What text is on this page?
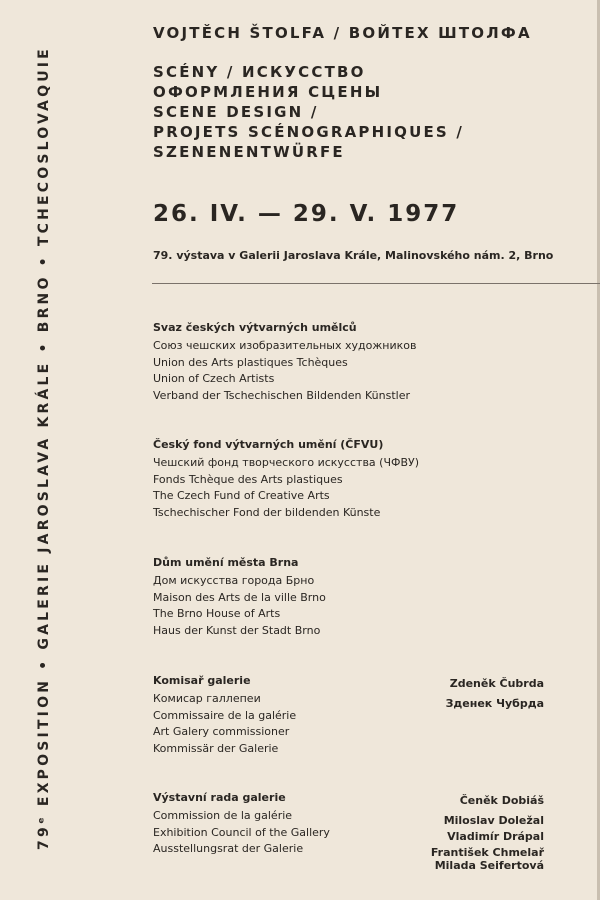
79ᵉ EXPOSITION • GALERIE JAROSLAVA KRÁLE • BRNO • TCHECOSLOVAQUIE
VOJTĚCH ŠTOLFA / ВОЙТЕХ ШТОЛФА
SCÉNY / ИСКУССТВО
ОФОРМЛЕНИЯ СЦЕНЫ
SCENE DESIGN /
PROJETS SCÉNOGRAPHIQUES /
SZENENENTWÜRFE
26. IV. — 29. V. 1977
79. výstava v Galerii Jaroslava Krále, Malinovského nám. 2, Brno
Svaz českých výtvarných umělců
Союз чешских изобразительных художников
Union des Arts plastiques Tchèques
Union of Czech Artists
Verband der Tschechischen Bildenden Künstler
Český fond výtvarných umění (ČFVU)
Чешский фонд творческого искусства (ЧФВУ)
Fonds Tchèque des Arts plastiques
The Czech Fund of Creative Arts
Tschechischer Fond der bildenden Künste
Dům umění města Brna
Дом искусства города Брно
Maison des Arts de la ville Brno
The Brno House of Arts
Haus der Kunst der Stadt Brno
Komisař galerie
Комисар галлепеи
Commissaire de la galérie
Art Galery commissioner
Kommissär der Galerie
Zdeněk Čubrda
Зденек Чубрда
Výstavní rada galerie
Commission de la galérie
Exhibition Council of the Gallery
Ausstellungsrat der Galerie
Čeněk Dobiáš
Miloslav Doležal
Vladimír Drápal
František Chmelař
Milada Seifertová
